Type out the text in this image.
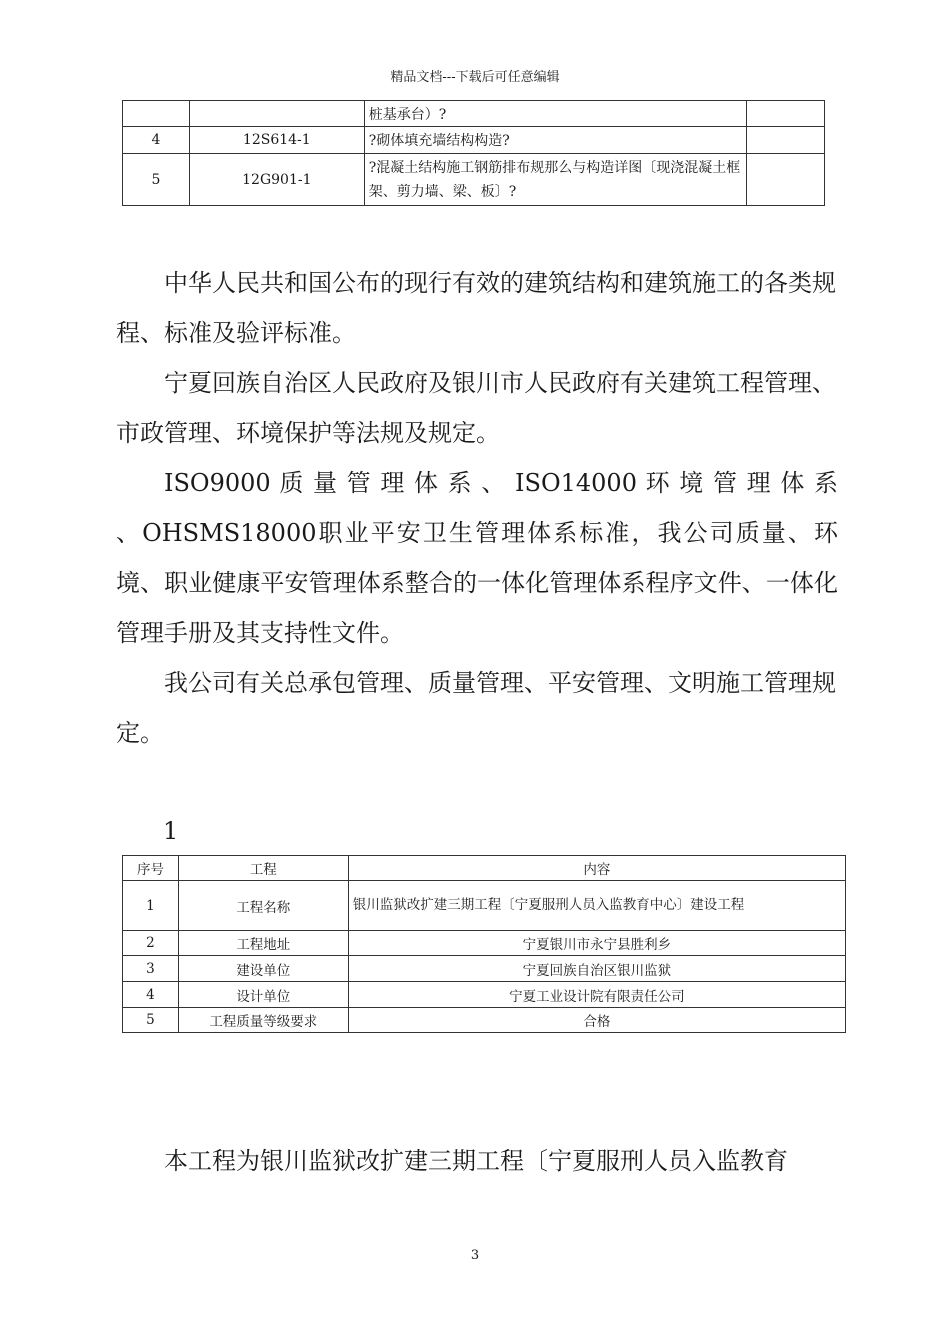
精品文档---下载后可任意编辑
		桩基承台）?	
4	12S614-1	?砌体填充墙结构构造?	
5	12G901-1	?混凝土结构施工钢筋排布规那么与构造详图〔现浇混凝土框架、剪力墙、梁、板〕?	

中华人民共和国公布的现行有效的建筑结构和建筑施工的各类规程、标准及验评标准。

宁夏回族自治区人民政府及银川市人民政府有关建筑工程管理、市政管理、环境保护等法规及规定。

ISO9000 质 量 管 理 体 系 、 ISO14000 环 境 管 理 体 系 、OHSMS18000职业平安卫生管理体系标准，我公司质量、环境、职业健康平安管理体系整合的一体化管理体系程序文件、一体化管理手册及其支持性文件。

我公司有关总承包管理、质量管理、平安管理、文明施工管理规定。

1
序号	工程	内容
1	工程名称	银川监狱改扩建三期工程〔宁夏服刑人员入监教育中心〕建设工程
2	工程地址	宁夏银川市永宁县胜利乡
3	建设单位	宁夏回族自治区银川监狱
4	设计单位	宁夏工业设计院有限责任公司
5	工程质量等级要求	合格

本工程为银川监狱改扩建三期工程〔宁夏服刑人员入监教育

3
